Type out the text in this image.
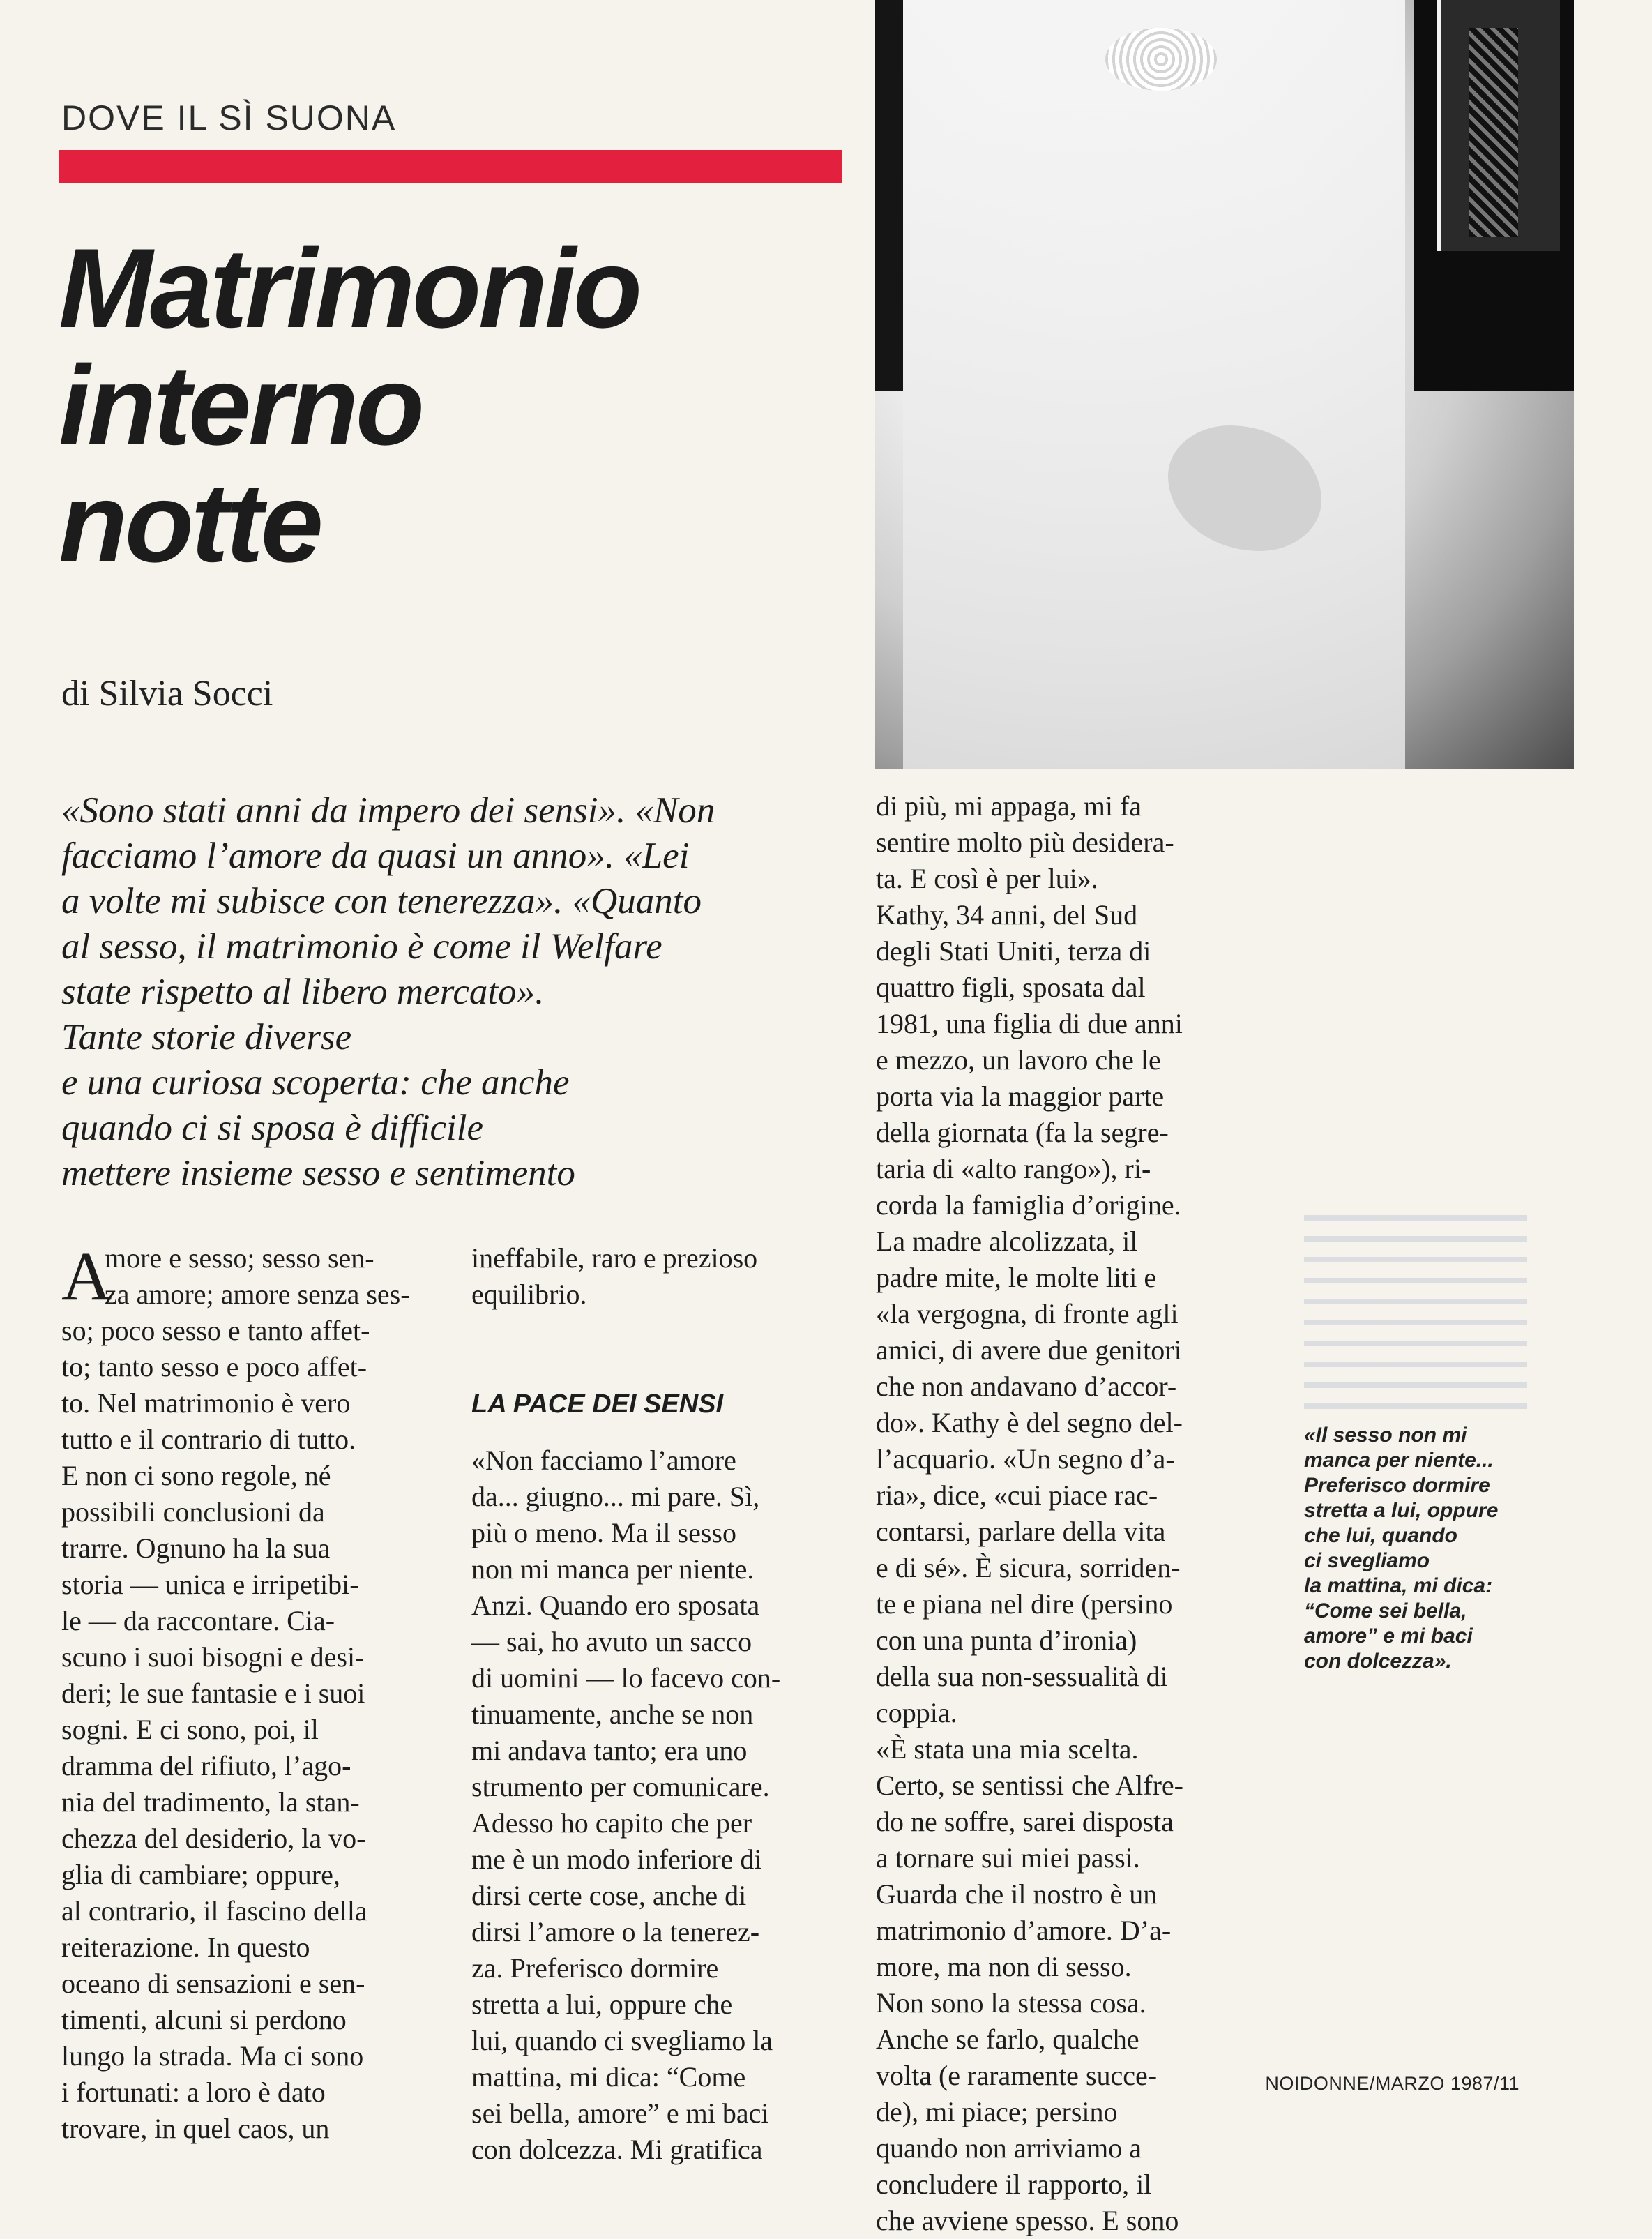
DOVE IL SÌ SUONA

Matrimonio
interno
notte

di Silvia Socci

«Sono stati anni da impero dei sensi». «Non
facciamo l’amore da quasi un anno». «Lei
a volte mi subisce con tenerezza». «Quanto
al sesso, il matrimonio è come il Welfare
state rispetto al libero mercato».
Tante storie diverse
e una curiosa scoperta: che anche
quando ci si sposa è difficile
mettere insieme sesso e sentimento

A

more e sesso; sesso sen-
za amore; amore senza ses-
so; poco sesso e tanto affet-
to; tanto sesso e poco affet-
to. Nel matrimonio è vero
tutto e il contrario di tutto.
E non ci sono regole, né
possibili conclusioni da
trarre. Ognuno ha la sua
storia — unica e irripetibi-
le — da raccontare. Cia-
scuno i suoi bisogni e desi-
deri; le sue fantasie e i suoi
sogni. E ci sono, poi, il
dramma del rifiuto, l’ago-
nia del tradimento, la stan-
chezza del desiderio, la vo-
glia di cambiare; oppure,
al contrario, il fascino della
reiterazione. In questo
oceano di sensazioni e sen-
timenti, alcuni si perdono
lungo la strada. Ma ci sono
i fortunati: a loro è dato
trovare, in quel caos, un

ineffabile, raro e prezioso
equilibrio.

LA PACE DEI SENSI

«Non facciamo l’amore
da... giugno... mi pare. Sì,
più o meno. Ma il sesso
non mi manca per niente.
Anzi. Quando ero sposata
— sai, ho avuto un sacco
di uomini — lo facevo con-
tinuamente, anche se non
mi andava tanto; era uno
strumento per comunicare.
Adesso ho capito che per
me è un modo inferiore di
dirsi certe cose, anche di
dirsi l’amore o la tenerez-
za. Preferisco dormire
stretta a lui, oppure che
lui, quando ci svegliamo la
mattina, mi dica: “Come
sei bella, amore” e mi baci
con dolcezza. Mi gratifica

di più, mi appaga, mi fa
sentire molto più desidera-
ta. E così è per lui».
Kathy, 34 anni, del Sud
degli Stati Uniti, terza di
quattro figli, sposata dal
1981, una figlia di due anni
e mezzo, un lavoro che le
porta via la maggior parte
della giornata (fa la segre-
taria di «alto rango»), ri-
corda la famiglia d’origine.
La madre alcolizzata, il
padre mite, le molte liti e
«la vergogna, di fronte agli
amici, di avere due genitori
che non andavano d’accor-
do». Kathy è del segno del-
l’acquario. «Un segno d’a-
ria», dice, «cui piace rac-
contarsi, parlare della vita
e di sé». È sicura, sorriden-
te e piana nel dire (persino
con una punta d’ironia)
della sua non-sessualità di
coppia.
«È stata una mia scelta.
Certo, se sentissi che Alfre-
do ne soffre, sarei disposta
a tornare sui miei passi.
Guarda che il nostro è un
matrimonio d’amore. D’a-
more, ma non di sesso.
Non sono la stessa cosa.
Anche se farlo, qualche
volta (e raramente succe-
de), mi piace; persino
quando non arriviamo a
concludere il rapporto, il
che avviene spesso. E sono

«Il sesso non mi
manca per niente...
Preferisco dormire
stretta a lui, oppure
che lui, quando
ci svegliamo
la mattina, mi dica:
“Come sei bella,
amore” e mi baci
con dolcezza».

NOIDONNE/MARZO 1987/11
